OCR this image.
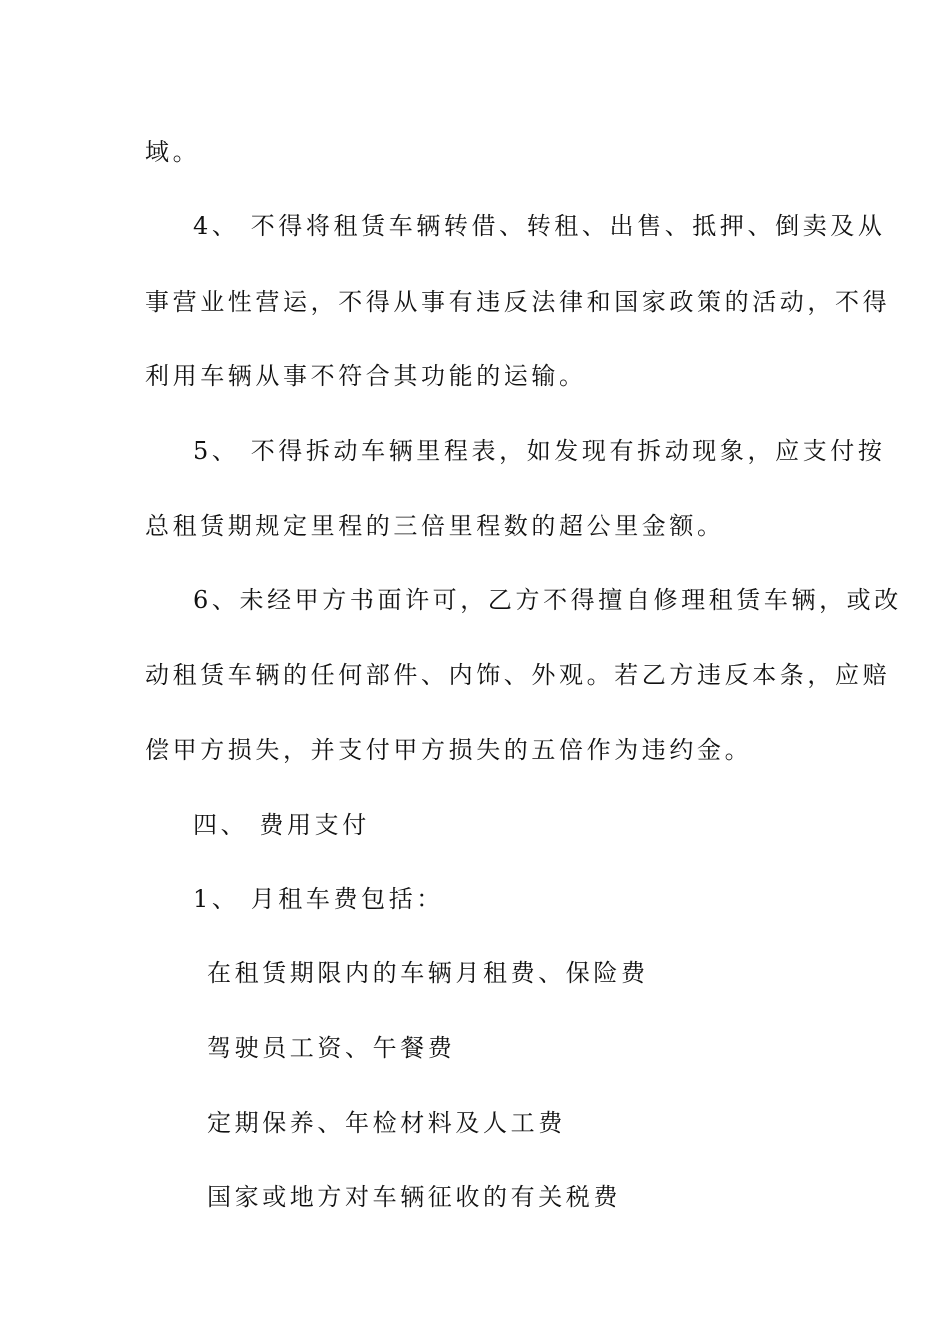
域。
4、 不得将租赁车辆转借、转租、出售、抵押、倒卖及从
事营业性营运，不得从事有违反法律和国家政策的活动，不得
利用车辆从事不符合其功能的运输。
5、 不得拆动车辆里程表，如发现有拆动现象，应支付按
总租赁期规定里程的三倍里程数的超公里金额。
6、未经甲方书面许可，乙方不得擅自修理租赁车辆，或改
动租赁车辆的任何部件、内饰、外观。若乙方违反本条，应赔
偿甲方损失，并支付甲方损失的五倍作为违约金。
四、 费用支付
1、 月租车费包括：
在租赁期限内的车辆月租费、保险费
驾驶员工资、午餐费
定期保养、年检材料及人工费
国家或地方对车辆征收的有关税费
